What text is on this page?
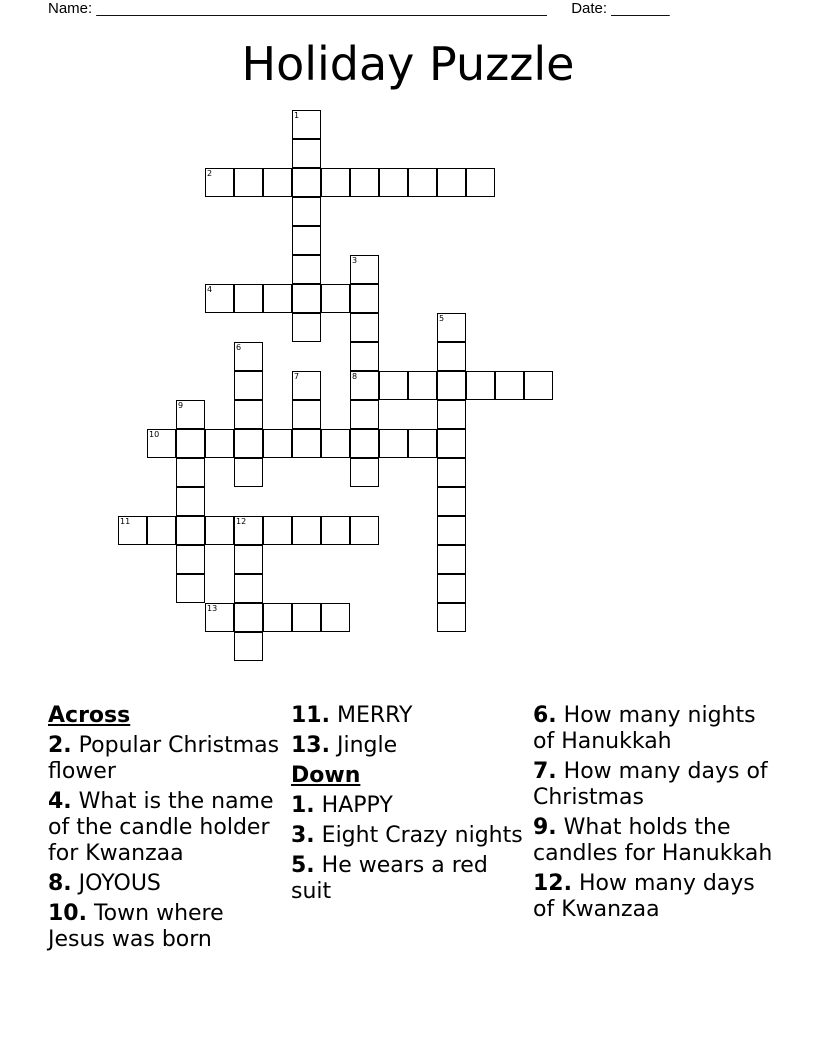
Name: ______________________________________________________ Date: _______
Holiday Puzzle
1
2
3
8
4
5
6
7
9
10
11	12
13
Across
2. Popular Christmas flower
4. What is the name of the candle holder for Kwanzaa
8. JOYOUS
10. Town where Jesus was born
11. MERRY
13. Jingle
Down
1. HAPPY
3. Eight Crazy nights
5. He wears a red suit
6. How many nights of Hanukkah
7. How many days of Christmas
9. What holds the candles for Hanukkah
12. How many days of Kwanzaa
